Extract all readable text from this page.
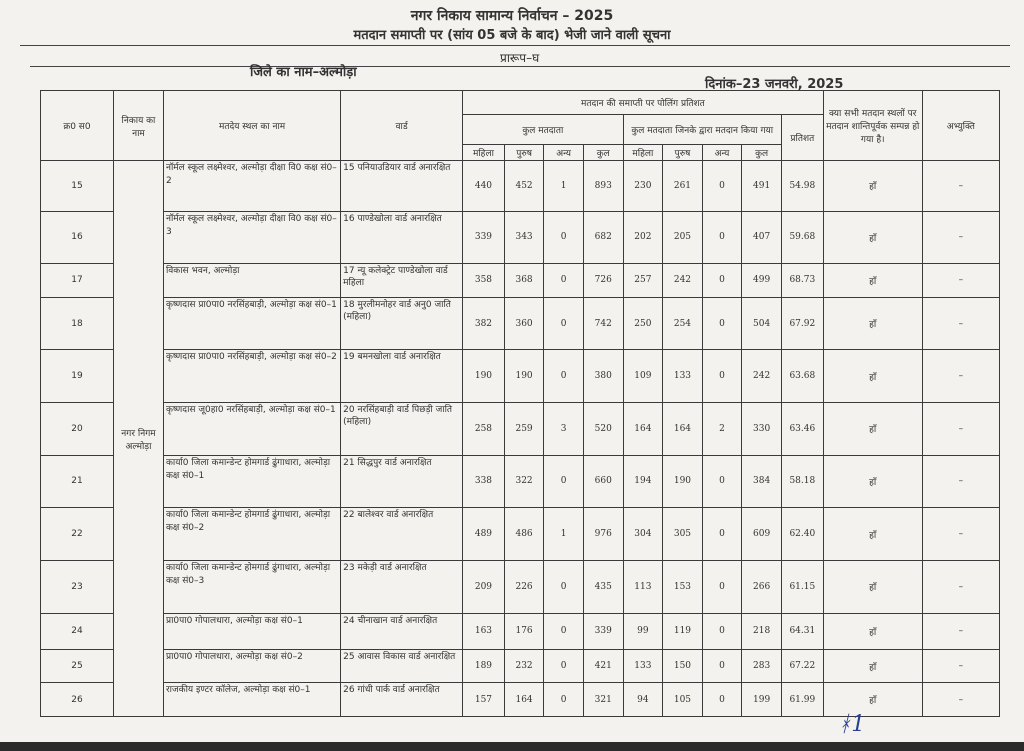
नगर निकाय सामान्य निर्वाचन – 2025
मतदान समाप्ती पर (सांय 05 बजे के बाद) भेजी जाने वाली सूचना
प्रारूप–घ
जिले का नाम–अल्मोड़ा
दिनांक–23 जनवरी, 2025
क्र0 स0	निकाय का नाम	मतदेय स्थल का नाम	वार्ड	मतदान की समाप्ती पर पोलिंग प्रतिशत									क्या सभी मतदान स्थलों पर मतदान शान्तिपूर्वक सम्पन्न हो गया है।	अभ्युक्ति
				कुल मतदाता				कुल मतदाता जिनके द्वारा मतदान किया गया				प्रतिशत		
				महिला	पुरुष	अन्य	कुल	महिला	पुरुष	अन्य	कुल			
15	नगर निगम अल्मोड़ा	नॉर्मल स्कूल लक्ष्मेश्वर, अल्मोड़ा दीक्षा वि0 कक्ष सं0–2	15 पनियाउडियार वार्ड अनारक्षित	440	452	1	893	230	261	0	491	54.98	हॉं	–
16		नॉर्मल स्कूल लक्ष्मेश्वर, अल्मोड़ा दीक्षा वि0 कक्ष सं0–3	16 पाण्डेखोला वार्ड अनारक्षित	339	343	0	682	202	205	0	407	59.68	हॉं	–
17		विकास भवन, अल्मोड़ा	17 न्यू कलेक्ट्रेट पाण्डेखोला वार्ड महिला	358	368	0	726	257	242	0	499	68.73	हॉं	–
18		कृष्णदास प्रा0पा0 नरसिंहबाड़ी, अल्मोड़ा कक्ष सं0–1	18 मुरलीमनोहर वार्ड अनु0 जाति (महिला)	382	360	0	742	250	254	0	504	67.92	हॉं	–
19		कृष्णदास प्रा0पा0 नरसिंहबाड़ी, अल्मोड़ा कक्ष सं0–2	19 बमनखोला वार्ड अनारक्षित	190	190	0	380	109	133	0	242	63.68	हॉं	–
20		कृष्णदास जू0हा0 नरसिंहबाड़ी, अल्मोड़ा कक्ष सं0–1	20 नरसिंहबाड़ी वार्ड पिछड़ी जाति (महिला)	258	259	3	520	164	164	2	330	63.46	हॉं	–
21		कार्या0 जिला कमान्डेन्ट होमगार्ड ढुंगाधारा, अल्मोड़ा कक्ष सं0–1	21 सिद्धपुर वार्ड अनारक्षित	338	322	0	660	194	190	0	384	58.18	हॉं	–
22		कार्या0 जिला कमान्डेन्ट होमगार्ड ढुंगाधारा, अल्मोड़ा कक्ष सं0–2	22 बालेश्वर वार्ड अनारक्षित	489	486	1	976	304	305	0	609	62.40	हॉं	–
23		कार्या0 जिला कमान्डेन्ट होमगार्ड ढुंगाधारा, अल्मोड़ा कक्ष सं0–3	23 मकेड़ी वार्ड अनारक्षित	209	226	0	435	113	153	0	266	61.15	हॉं	–
24		प्रा0पा0 गोपालधारा, अल्मोड़ा कक्ष सं0–1	24 चीनाखान वार्ड अनारक्षित	163	176	0	339	99	119	0	218	64.31	हॉं	–
25		प्रा0पा0 गोपालधारा, अल्मोड़ा कक्ष सं0–2	25 आवास विकास वार्ड अनारक्षित	189	232	0	421	133	150	0	283	67.22	हॉं	–
26		राजकीय इण्टर कॉलेज, अल्मोड़ा कक्ष सं0–1	26 गांधी पार्क वार्ड अनारक्षित	157	164	0	321	94	105	0	199	61.99	हॉं	–
ᚼ1
